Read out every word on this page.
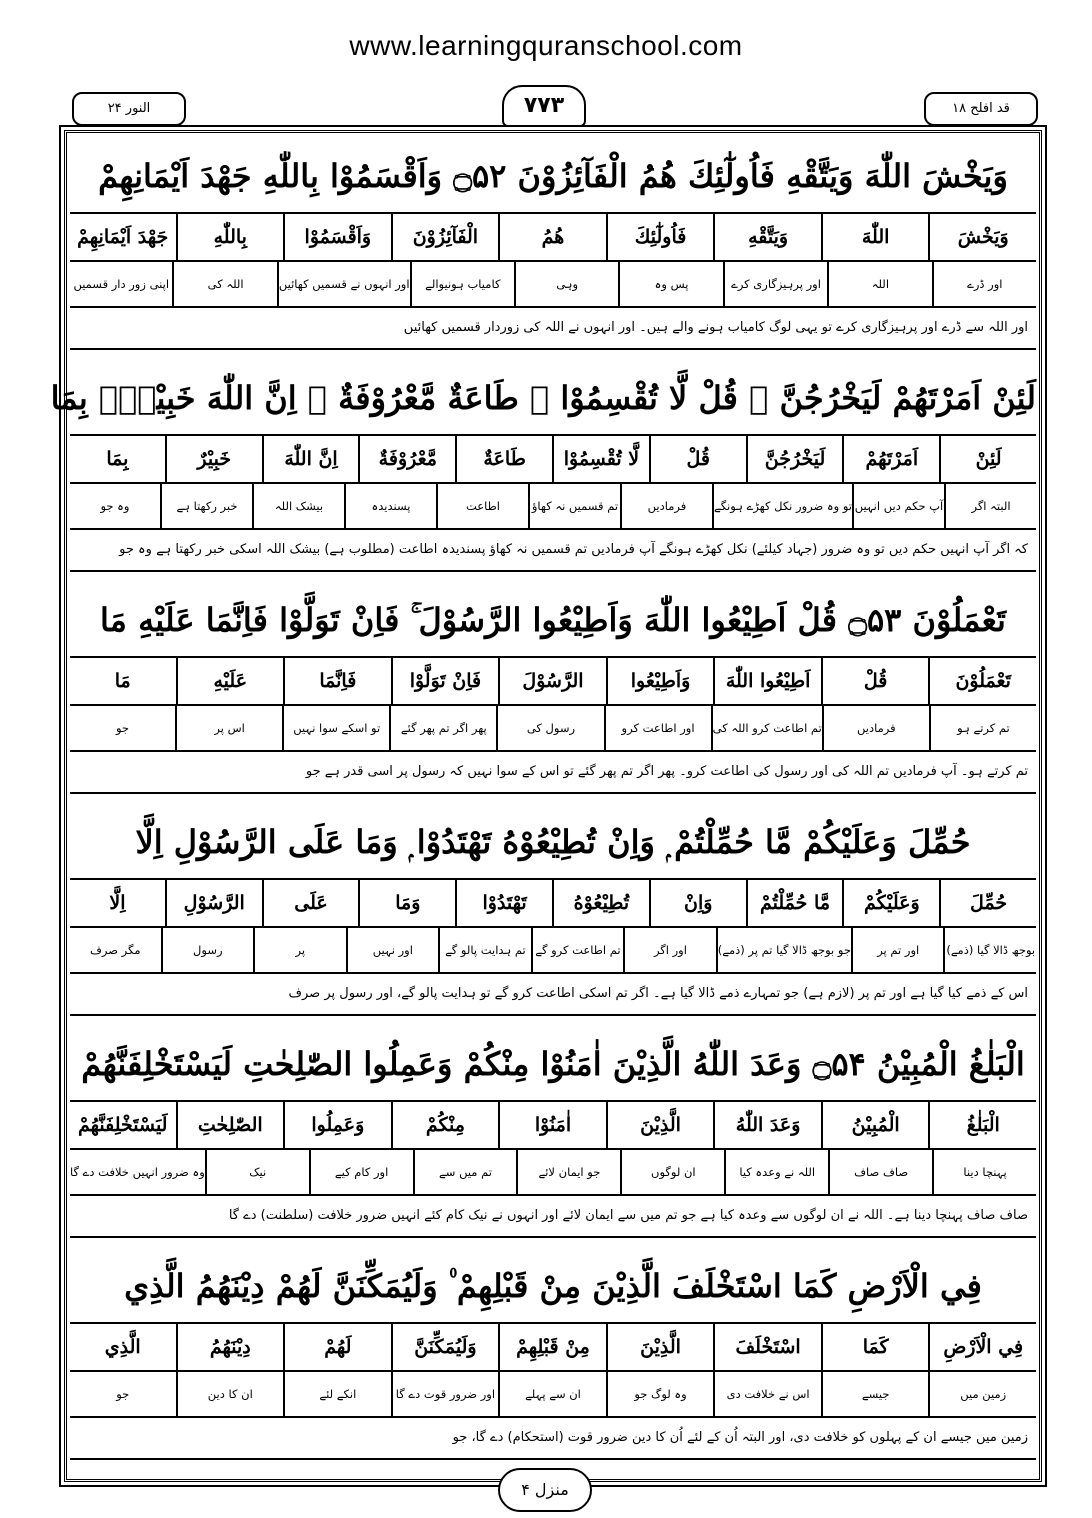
www.learningquranschool.com
النور ۲۴	۷۷۳	قد افلح ۱۸
وَيَخْشَ اللّٰهَ وَيَتَّقْهِ فَاُولٰٓئِكَ هُمُ الْفَآئِزُوْنَ ۝۵۲ وَاَقْسَمُوْا بِاللّٰهِ جَهْدَ اَيْمَانِهِمْ
وَيَخْشَ
اللّٰهَ
وَيَتَّقْهِ
فَاُولٰٓئِكَ
هُمُ
الْفَآئِزُوْنَ
وَاَقْسَمُوْا
بِاللّٰهِ
جَهْدَ اَيْمَانِهِمْ
اور ڈرے
اللہ
اور پرہیزگاری کرے
پس وہ
وہی
کامیاب ہونیوالے
اور انہوں نے قسمیں کھائیں
اللہ کی
اپنی زور دار قسمیں
اور اللہ سے ڈرے اور پرہیزگاری کرے تو یہی لوگ کامیاب ہونے والے ہیں۔ اور انہوں نے اللہ کی زوردار قسمیں کھائیں
لَئِنْ اَمَرْتَهُمْ لَيَخْرُجُنَّ ۭ قُلْ لَّا تُقْسِمُوْا ۚ طَاعَةٌ مَّعْرُوْفَةٌ ۭ اِنَّ اللّٰهَ خَبِيْرٌۢ بِمَا
لَئِنْ
اَمَرْتَهُمْ
لَيَخْرُجُنَّ
قُلْ
لَّا تُقْسِمُوْا
طَاعَةٌ
مَّعْرُوْفَةٌ
اِنَّ اللّٰهَ
خَبِيْرٌ
بِمَا
البتہ اگر
آپ حکم دیں انہیں
تو وہ ضرور نکل کھڑے ہونگے
فرمادیں
تم قسمیں نہ کھاؤ
اطاعت
پسندیدہ
بیشک اللہ
خبر رکھتا ہے
وہ جو
کہ اگر آپ انہیں حکم دیں تو وہ ضرور (جہاد کیلئے) نکل کھڑے ہونگے آپ فرمادیں تم قسمیں نہ کھاؤ پسندیدہ اطاعت (مطلوب ہے) بیشک اللہ اسکی خبر رکھتا ہے وہ جو
تَعْمَلُوْنَ ۝۵۳ قُلْ اَطِيْعُوا اللّٰهَ وَاَطِيْعُوا الرَّسُوْلَ ۚ فَاِنْ تَوَلَّوْا فَاِنَّمَا عَلَيْهِ مَا
تَعْمَلُوْنَ
قُلْ
اَطِيْعُوا اللّٰهَ
وَاَطِيْعُوا
الرَّسُوْلَ
فَاِنْ تَوَلَّوْا
فَاِنَّمَا
عَلَيْهِ
مَا
تم کرتے ہو
فرمادیں
تم اطاعت کرو اللہ کی
اور اطاعت کرو
رسول کی
پھر اگر تم پھر گئے
تو اسکے سوا نہیں
اس پر
جو
تم کرتے ہو۔ آپ فرمادیں تم اللہ کی اور رسول کی اطاعت کرو۔ پھر اگر تم پھر گئے تو اس کے سوا نہیں کہ رسول پر اسی قدر ہے جو
حُمِّلَ وَعَلَيْكُمْ مَّا حُمِّلْتُمْ ۭ وَاِنْ تُطِيْعُوْهُ تَهْتَدُوْا ۭ وَمَا عَلَى الرَّسُوْلِ اِلَّا
حُمِّلَ
وَعَلَيْكُمْ
مَّا حُمِّلْتُمْ
وَاِنْ
تُطِيْعُوْهُ
تَهْتَدُوْا
وَمَا
عَلَى
الرَّسُوْلِ
اِلَّا
بوجھ ڈالا گیا (ذمے)
اور تم پر
جو بوجھ ڈالا گیا تم پر (ذمے)
اور اگر
تم اطاعت کرو گے
تم ہدایت پالو گے
اور نہیں
پر
رسول
مگر صرف
اس کے ذمے کیا گیا ہے اور تم پر (لازم ہے) جو تمہارے ذمے ڈالا گیا ہے۔ اگر تم اسکی اطاعت کرو گے تو ہدایت پالو گے، اور رسول پر صرف
الْبَلٰغُ الْمُبِيْنُ ۝۵۴ وَعَدَ اللّٰهُ الَّذِيْنَ اٰمَنُوْا مِنْكُمْ وَعَمِلُوا الصّٰلِحٰتِ لَيَسْتَخْلِفَنَّهُمْ
الْبَلٰغُ
الْمُبِيْنُ
وَعَدَ اللّٰهُ
الَّذِيْنَ
اٰمَنُوْا
مِنْكُمْ
وَعَمِلُوا
الصّٰلِحٰتِ
لَيَسْتَخْلِفَنَّهُمْ
پہنچا دینا
صاف صاف
اللہ نے وعدہ کیا
ان لوگوں
جو ایمان لائے
تم میں سے
اور کام کیے
نیک
وہ ضرور انہیں خلافت دے گا
صاف صاف پہنچا دینا ہے۔ اللہ نے ان لوگوں سے وعدہ کیا ہے جو تم میں سے ایمان لائے اور انہوں نے نیک کام کئے انہیں ضرور خلافت (سلطنت) دے گا
فِي الْاَرْضِ كَمَا اسْتَخْلَفَ الَّذِيْنَ مِنْ قَبْلِهِمْ ۠ وَلَيُمَكِّنَنَّ لَهُمْ دِيْنَهُمُ الَّذِي
فِي الْاَرْضِ
كَمَا
اسْتَخْلَفَ
الَّذِيْنَ
مِنْ قَبْلِهِمْ
وَلَيُمَكِّنَنَّ
لَهُمْ
دِيْنَهُمُ
الَّذِي
زمین میں
جیسے
اس نے خلافت دی
وہ لوگ جو
ان سے پہلے
اور ضرور قوت دے گا
انکے لئے
ان کا دین
جو
زمین میں جیسے ان کے پہلوں کو خلافت دی، اور البتہ اُن کے لئے اُن کا دین ضرور قوت (استحکام) دے گا، جو
منزل ۴
